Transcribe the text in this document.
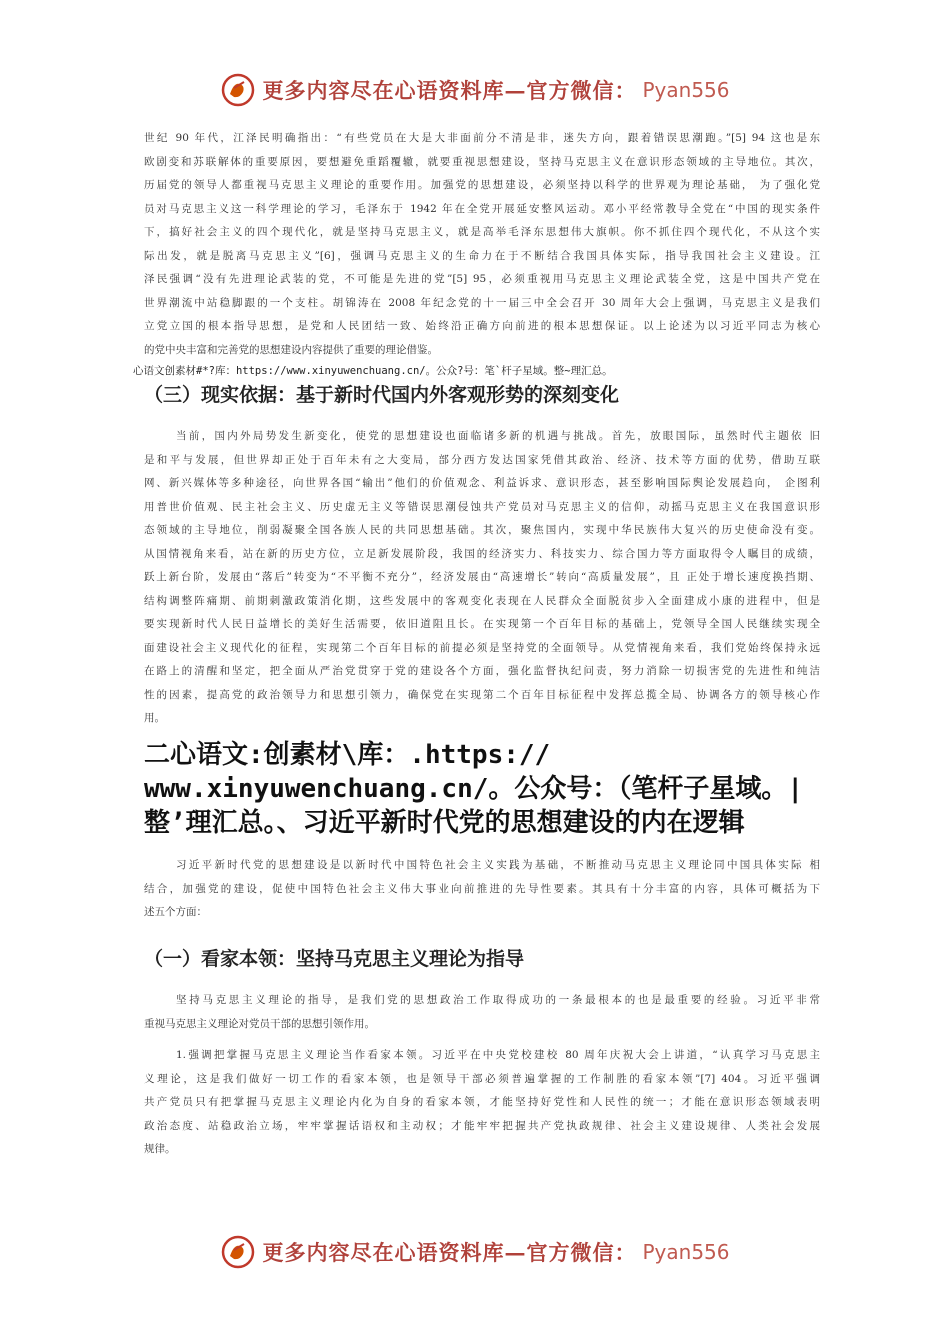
更多内容尽在心语资料库—官方微信： Pyan556
世纪 90 年代，江泽民明确指出：“有些党员在大是大非面前分不清是非，迷失方向，跟着错误思潮跑。”[5] 94 这也是东
欧剧变和苏联解体的重要原因，要想避免重蹈覆辙，就要重视思想建设，坚持马克思主义在意识形态领域的主导地位。其次，
历届党的领导人都重视马克思主义理论的重要作用。加强党的思想建设，必须坚持以科学的世界观为理论基础， 为了强化党
员对马克思主义这一科学理论的学习，毛泽东于 1942 年在全党开展延安整风运动。邓小平经常教导全党在“中国的现实条件
下，搞好社会主义的四个现代化，就是坚持马克思主义，就是高举毛泽东思想伟大旗帜。你不抓住四个现代化，不从这个实
际出发，就是脱离马克思主义”[6]，强调马克思主义的生命力在于不断结合我国具体实际，指导我国社会主义建设。江
泽民强调“没有先进理论武装的党，不可能是先进的党”[5] 95，必须重视用马克思主义理论武装全党，这是中国共产党在
世界潮流中站稳脚跟的一个支柱。胡锦涛在 2008 年纪念党的十一届三中全会召开 30 周年大会上强调，马克思主义是我们
立党立国的根本指导思想，是党和人民团结一致、始终沿正确方向前进的根本思想保证。以上论述为以习近平同志为核心
的党中央丰富和完善党的思想建设内容提供了重要的理论借鉴。
心语文创素材#*?库：https://www.xinyuwenchuang.cn/。公众?号：笔`杆子星域。整~理汇总。
（三）现实依据：基于新时代国内外客观形势的深刻变化
当前，国内外局势发生新变化，使党的思想建设也面临诸多新的机遇与挑战。首先，放眼国际，虽然时代主题依 旧
是和平与发展，但世界却正处于百年未有之大变局，部分西方发达国家凭借其政治、经济、技术等方面的优势，借助互联
网、新兴媒体等多种途径，向世界各国“输出”他们的价值观念、利益诉求、意识形态，甚至影响国际舆论发展趋向， 企图利
用普世价值观、民主社会主义、历史虚无主义等错误思潮侵蚀共产党员对马克思主义的信仰，动摇马克思主义在我国意识形
态领域的主导地位，削弱凝聚全国各族人民的共同思想基础。其次，聚焦国内，实现中华民族伟大复兴的历史使命没有变。
从国情视角来看，站在新的历史方位，立足新发展阶段，我国的经济实力、科技实力、综合国力等方面取得令人瞩目的成绩，
跃上新台阶，发展由“落后”转变为“不平衡不充分”，经济发展由“高速增长”转向“高质量发展”，且 正处于增长速度换挡期、
结构调整阵痛期、前期刺激政策消化期，这些发展中的客观变化表现在人民群众全面脱贫步入全面建成小康的进程中，但是
要实现新时代人民日益增长的美好生活需要，依旧道阻且长。在实现第一个百年目标的基础上，党领导全国人民继续实现全
面建设社会主义现代化的征程，实现第二个百年目标的前提必须是坚持党的全面领导。从党情视角来看，我们党始终保持永远
在路上的清醒和坚定，把全面从严治党贯穿于党的建设各个方面，强化监督执纪问责，努力消除一切损害党的先进性和纯洁
性的因素，提高党的政治领导力和思想引领力，确保党在实现第二个百年目标征程中发挥总揽全局、协调各方的领导核心作
用。
二心语文:创素材\库：.https://
www.xinyuwenchuang.cn/。公众号：（笔杆子星域。|
整’理汇总。、习近平新时代党的思想建设的内在逻辑
习近平新时代党的思想建设是以新时代中国特色社会主义实践为基础，不断推动马克思主义理论同中国具体实际 相
结合，加强党的建设，促使中国特色社会主义伟大事业向前推进的先导性要素。其具有十分丰富的内容，具体可概括为下
述五个方面：
（一）看家本领：坚持马克思主义理论为指导
坚持马克思主义理论的指导，是我们党的思想政治工作取得成功的一条最根本的也是最重要的经验。习近平非常
重视马克思主义理论对党员干部的思想引领作用。
1.强调把掌握马克思主义理论当作看家本领。习近平在中央党校建校 80 周年庆祝大会上讲道，“认真学习马克思主
义理论，这是我们做好一切工作的看家本领，也是领导干部必须普遍掌握的工作制胜的看家本领”[7] 404。习近平强调
共产党员只有把掌握马克思主义理论内化为自身的看家本领，才能坚持好党性和人民性的统一；才能在意识形态领域表明
政治态度、站稳政治立场，牢牢掌握话语权和主动权；才能牢牢把握共产党执政规律、社会主义建设规律、人类社会发展
规律。
更多内容尽在心语资料库—官方微信： Pyan556
